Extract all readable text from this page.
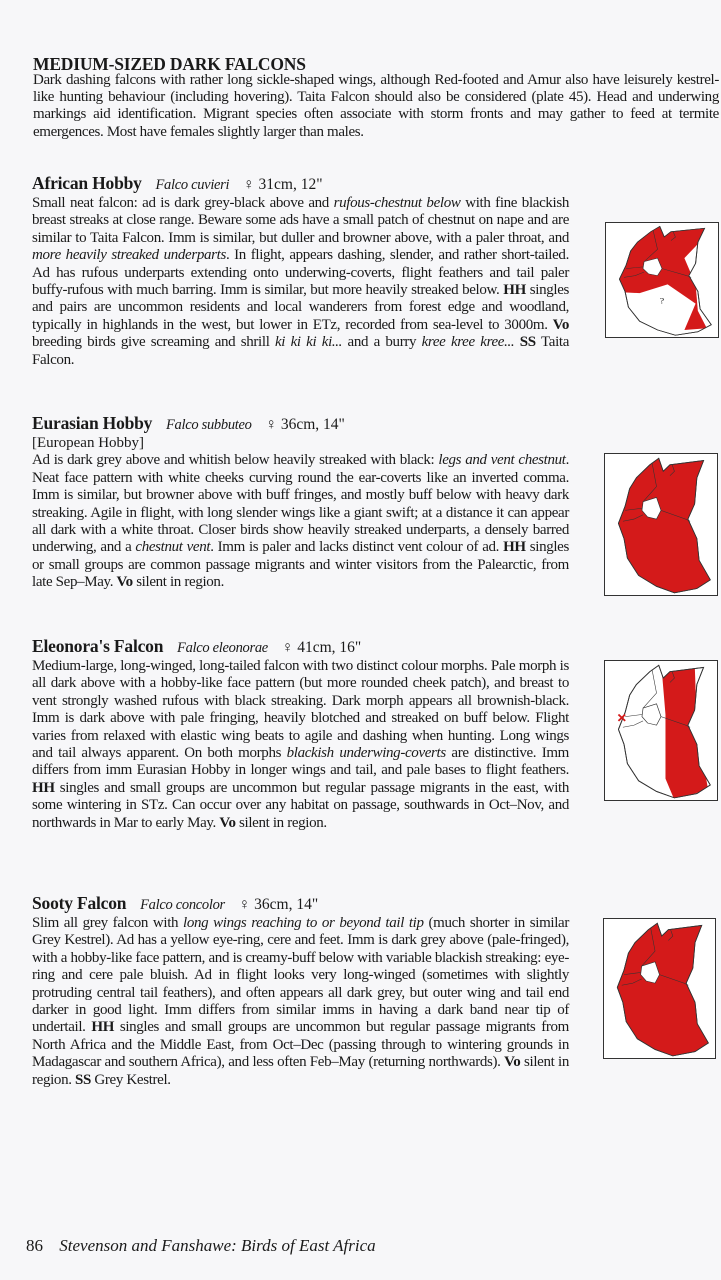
MEDIUM-SIZED DARK FALCONS
Dark dashing falcons with rather long sickle-shaped wings, although Red-footed and Amur also have leisurely kestrel-like hunting behaviour (including hovering). Taita Falcon should also be considered (plate 45). Head and underwing markings aid identification. Migrant species often associate with storm fronts and may gather to feed at termite emergences. Most have females slightly larger than males.
African Hobby Falco cuvieri ♀ 31cm, 12"
Small neat falcon: ad is dark grey-black above and rufous-chestnut below with fine blackish breast streaks at close range. Beware some ads have a small patch of chestnut on nape and are similar to Taita Falcon. Imm is similar, but duller and browner above, with a paler throat, and more heavily streaked underparts. In flight, appears dashing, slender, and rather short-tailed. Ad has rufous underparts extending onto underwing-coverts, flight feathers and tail paler buffy-rufous with much barring. Imm is similar, but more heavily streaked below. HH singles and pairs are uncommon residents and local wanderers from forest edge and woodland, typically in highlands in the west, but lower in ETz, recorded from sea-level to 3000m. Vo breeding birds give screaming and shrill ki ki ki ki... and a burry kree kree kree... SS Taita Falcon.
Eurasian Hobby Falco subbuteo ♀ 36cm, 14"
[European Hobby]
Ad is dark grey above and whitish below heavily streaked with black: legs and vent chestnut. Neat face pattern with white cheeks curving round the ear-coverts like an inverted comma. Imm is similar, but browner above with buff fringes, and mostly buff below with heavy dark streaking. Agile in flight, with long slender wings like a giant swift; at a distance it can appear all dark with a white throat. Closer birds show heavily streaked underparts, a densely barred underwing, and a chestnut vent. Imm is paler and lacks distinct vent colour of ad. HH singles or small groups are common passage migrants and winter visitors from the Palearctic, from late Sep–May. Vo silent in region.
Eleonora's Falcon Falco eleonorae ♀ 41cm, 16"
Medium-large, long-winged, long-tailed falcon with two distinct colour morphs. Pale morph is all dark above with a hobby-like face pattern (but more rounded cheek patch), and breast to vent strongly washed rufous with black streaking. Dark morph appears all brownish-black. Imm is dark above with pale fringing, heavily blotched and streaked on buff below. Flight varies from relaxed with elastic wing beats to agile and dashing when hunting. Long wings and tail always apparent. On both morphs blackish underwing-coverts are distinctive. Imm differs from imm Eurasian Hobby in longer wings and tail, and pale bases to flight feathers. HH singles and small groups are uncommon but regular passage migrants in the east, with some wintering in STz. Can occur over any habitat on passage, southwards in Oct–Nov, and northwards in Mar to early May. Vo silent in region.
Sooty Falcon Falco concolor ♀ 36cm, 14"
Slim all grey falcon with long wings reaching to or beyond tail tip (much shorter in similar Grey Kestrel). Ad has a yellow eye-ring, cere and feet. Imm is dark grey above (pale-fringed), with a hobby-like face pattern, and is creamy-buff below with variable blackish streaking: eye-ring and cere pale bluish. Ad in flight looks very long-winged (sometimes with slightly protruding central tail feathers), and often appears all dark grey, but outer wing and tail end darker in good light. Imm differs from similar imms in having a dark band near tip of undertail. HH singles and small groups are uncommon but regular passage migrants from North Africa and the Middle East, from Oct–Dec (passing through to wintering grounds in Madagascar and southern Africa), and less often Feb–May (returning northwards). Vo silent in region. SS Grey Kestrel.
?
86 Stevenson and Fanshawe: Birds of East Africa
